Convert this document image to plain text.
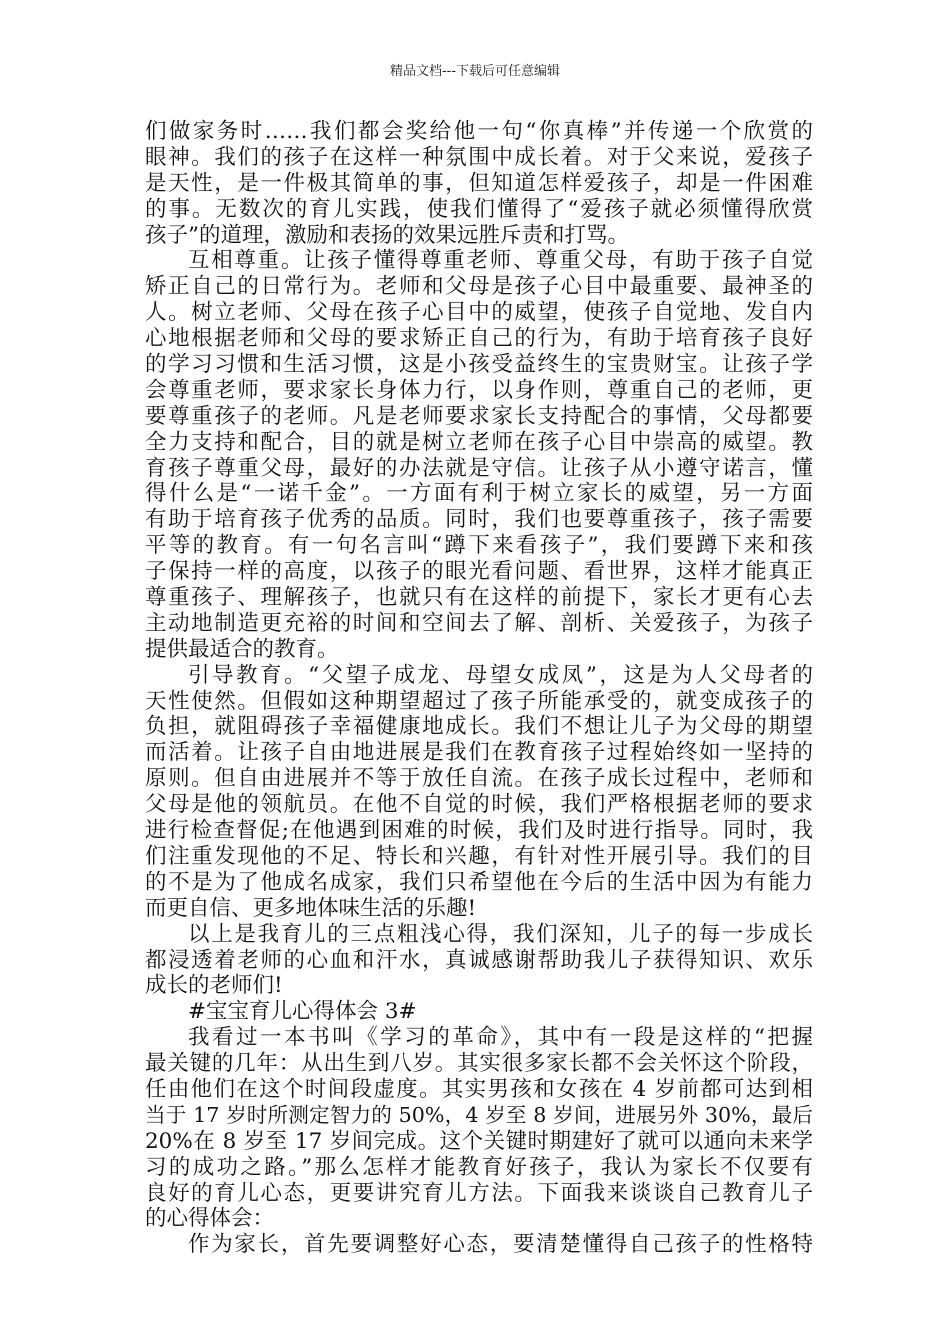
精品文档---下载后可任意编辑
们做家务时……我们都会奖给他一句“你真棒”并传递一个欣赏的
眼神。我们的孩子在这样一种氛围中成长着。对于父来说，爱孩子
是天性，是一件极其简单的事，但知道怎样爱孩子，却是一件困难
的事。无数次的育儿实践，使我们懂得了“爱孩子就必须懂得欣赏
孩子”的道理，激励和表扬的效果远胜斥责和打骂。
互相尊重。让孩子懂得尊重老师、尊重父母，有助于孩子自觉
矫正自己的日常行为。老师和父母是孩子心目中最重要、最神圣的
人。树立老师、父母在孩子心目中的威望，使孩子自觉地、发自内
心地根据老师和父母的要求矫正自己的行为，有助于培育孩子良好
的学习习惯和生活习惯，这是小孩受益终生的宝贵财宝。让孩子学
会尊重老师，要求家长身体力行，以身作则，尊重自己的老师，更
要尊重孩子的老师。凡是老师要求家长支持配合的事情，父母都要
全力支持和配合，目的就是树立老师在孩子心目中崇高的威望。教
育孩子尊重父母，最好的办法就是守信。让孩子从小遵守诺言，懂
得什么是“一诺千金”。一方面有利于树立家长的威望，另一方面
有助于培育孩子优秀的品质。同时，我们也要尊重孩子，孩子需要
平等的教育。有一句名言叫“蹲下来看孩子”，我们要蹲下来和孩
子保持一样的高度，以孩子的眼光看问题、看世界，这样才能真正
尊重孩子、理解孩子，也就只有在这样的前提下，家长才更有心去
主动地制造更充裕的时间和空间去了解、剖析、关爱孩子，为孩子
提供最适合的教育。
引导教育。“父望子成龙、母望女成凤”，这是为人父母者的
天性使然。但假如这种期望超过了孩子所能承受的，就变成孩子的
负担，就阻碍孩子幸福健康地成长。我们不想让儿子为父母的期望
而活着。让孩子自由地进展是我们在教育孩子过程始终如一坚持的
原则。但自由进展并不等于放任自流。在孩子成长过程中，老师和
父母是他的领航员。在他不自觉的时候，我们严格根据老师的要求
进行检查督促;在他遇到困难的时候，我们及时进行指导。同时，我
们注重发现他的不足、特长和兴趣，有针对性开展引导。我们的目
的不是为了他成名成家，我们只希望他在今后的生活中因为有能力
而更自信、更多地体味生活的乐趣!
以上是我育儿的三点粗浅心得，我们深知，儿子的每一步成长
都浸透着老师的心血和汗水，真诚感谢帮助我儿子获得知识、欢乐
成长的老师们!
#宝宝育儿心得体会 3#
我看过一本书叫《学习的革命》，其中有一段是这样的“把握
最关键的几年：从出生到八岁。其实很多家长都不会关怀这个阶段，
任由他们在这个时间段虚度。其实男孩和女孩在 4 岁前都可达到相
当于 17 岁时所测定智力的 50%，4 岁至 8 岁间，进展另外 30%，最后
20%在 8 岁至 17 岁间完成。这个关键时期建好了就可以通向未来学
习的成功之路。”那么怎样才能教育好孩子，我认为家长不仅要有
良好的育儿心态，更要讲究育儿方法。下面我来谈谈自己教育儿子
的心得体会：
作为家长，首先要调整好心态，要清楚懂得自己孩子的性格特
